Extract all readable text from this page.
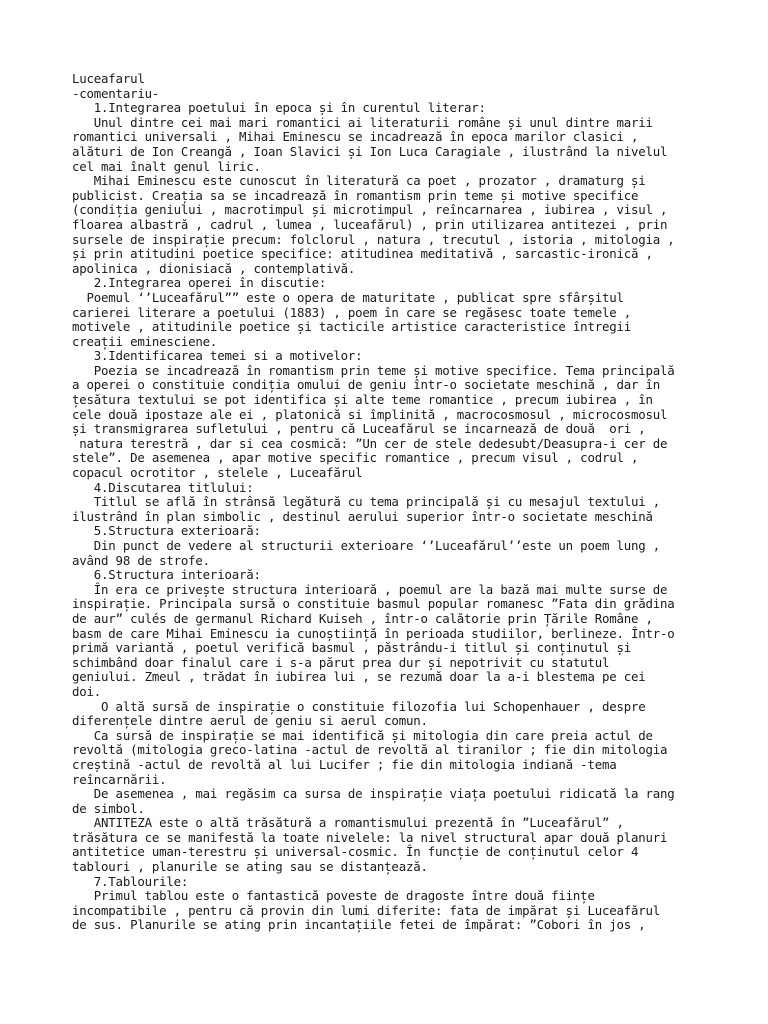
Luceafarul
-comentariu-
1.Integrarea poetului în epoca și în curentul literar:
Unul dintre cei mai mari romantici ai literaturii române și unul dintre marii
romantici universali , Mihai Eminescu se incadrează în epoca marilor clasici ,
alături de Ion Creangă , Ioan Slavici și Ion Luca Caragiale , ilustrând la nivelul
cel mai înalt genul liric.
Mihai Eminescu este cunoscut în literatură ca poet , prozator , dramaturg și
publicist. Creația sa se incadrează în romantism prin teme și motive specifice
(condiția geniului , macrotimpul și microtimpul , reîncarnarea , iubirea , visul ,
floarea albastră , cadrul , lumea , luceafărul) , prin utilizarea antitezei , prin
sursele de inspirație precum: folclorul , natura , trecutul , istoria , mitologia ,
și prin atitudini poetice specifice: atitudinea meditativă , sarcastic-ironică ,
apolinica , dionisiacă , contemplativă.
2.Integrarea operei în discutie:
Poemul ‘’Luceafărul”” este o opera de maturitate , publicat spre sfârșitul
carierei literare a poetului (1883) , poem în care se regăsesc toate temele ,
motivele , atitudinile poetice și tacticile artistice caracteristice întregii
creații eminesciene.
3.Identificarea temei si a motivelor:
Poezia se incadrează în romantism prin teme și motive specifice. Tema principală
a operei o constituie condiția omului de geniu într-o societate meschină , dar în
țesătura textului se pot identifica și alte teme romantice , precum iubirea , în
cele două ipostaze ale ei , platonică si împlinită , macrocosmosul , microcosmosul
și transmigrarea sufletului , pentru că Luceafărul se incarnează de două  ori ,
natura terestră , dar si cea cosmică: ”Un cer de stele dedesubt/Deasupra-i cer de
stele”. De asemenea , apar motive specific romantice , precum visul , codrul ,
copacul ocrotitor , stelele , Luceafărul
4.Discutarea titlului:
Titlul se află în strânsă legătură cu tema principală și cu mesajul textului ,
ilustrând în plan simbolic , destinul aerului superior într-o societate meschină
5.Structura exterioară:
Din punct de vedere al structurii exterioare ‘’Luceafărul’’este un poem lung ,
având 98 de strofe.
6.Structura interioară:
În era ce privește structura interioară , poemul are la bază mai multe surse de
inspirație. Principala sursă o constituie basmul popular romanesc ”Fata din grădina
de aur” culés de germanul Richard Kuiseh , într-o calătorie prin Țările Române ,
basm de care Mihai Eminescu ia cunoștiință în perioada studiilor, berlineze. Într-o
primă variantă , poetul verifică basmul , păstrându-i titlul și conținutul și
schimbând doar finalul care i s-a părut prea dur și nepotrivit cu statutul
geniului. Zmeul , trădat în iubirea lui , se rezumă doar la a-i blestema pe cei
doi.
O altă sursă de inspirație o constituie filozofia lui Schopenhauer , despre
diferențele dintre aerul de geniu si aerul comun.
Ca sursă de inspirație se mai identifică și mitologia din care preia actul de
revoltă (mitologia greco-latina -actul de revoltă al tiranilor ; fie din mitologia
creștină -actul de revoltă al lui Lucifer ; fie din mitologia indiană -tema
reîncarnării.
De asemenea , mai regăsim ca sursa de inspirație viața poetului ridicată la rang
de simbol.
ANTITEZA este o altă trăsătură a romantismului prezentă în ”Luceafărul” ,
trăsătura ce se manifestă la toate nivelele: la nivel structural apar două planuri
antitetice uman-terestru și universal-cosmic. În funcție de conținutul celor 4
tablouri , planurile se ating sau se distanțează.
7.Tablourile:
Primul tablou este o fantastică poveste de dragoste între două ființe
incompatibile , pentru că provin din lumi diferite: fata de impărat și Luceafărul
de sus. Planurile se ating prin incantațiile fetei de împărat: ”Cobori în jos ,
